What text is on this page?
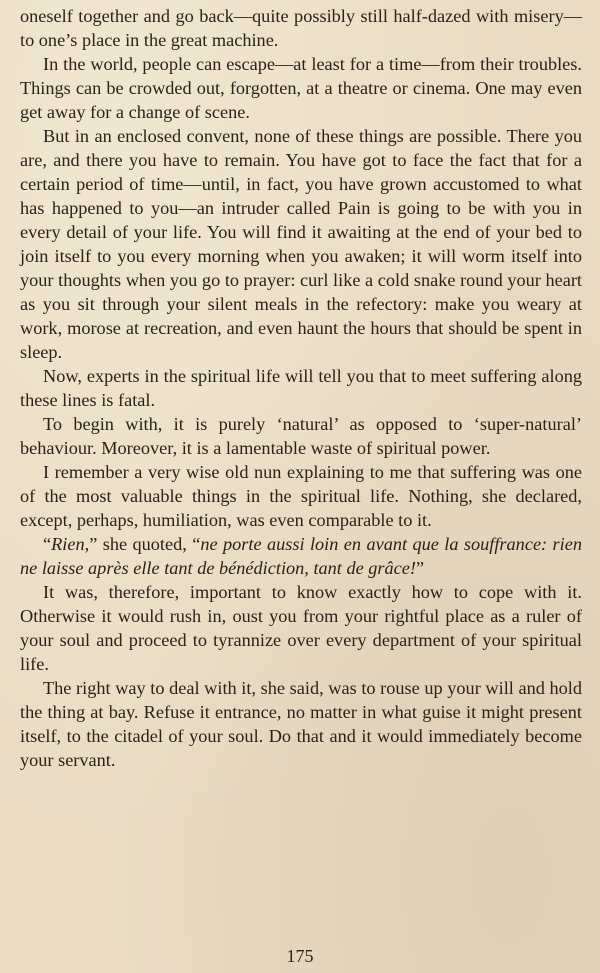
oneself together and go back—quite possibly still half-dazed with misery—to one’s place in the great machine.

In the world, people can escape—at least for a time—from their troubles. Things can be crowded out, forgotten, at a theatre or cinema. One may even get away for a change of scene.

But in an enclosed convent, none of these things are possible. There you are, and there you have to remain. You have got to face the fact that for a certain period of time—until, in fact, you have grown accustomed to what has happened to you—an intruder called Pain is going to be with you in every detail of your life. You will find it awaiting at the end of your bed to join itself to you every morning when you awaken; it will worm itself into your thoughts when you go to prayer: curl like a cold snake round your heart as you sit through your silent meals in the refectory: make you weary at work, morose at recreation, and even haunt the hours that should be spent in sleep.

Now, experts in the spiritual life will tell you that to meet suffering along these lines is fatal.

To begin with, it is purely ‘natural’ as opposed to ‘super-natural’ behaviour. Moreover, it is a lamentable waste of spiritual power.

I remember a very wise old nun explaining to me that suffering was one of the most valuable things in the spiritual life. Nothing, she declared, except, perhaps, humiliation, was even comparable to it.

“Rien,” she quoted, “ne porte aussi loin en avant que la souffrance: rien ne laisse après elle tant de bénédiction, tant de grâce!”

It was, therefore, important to know exactly how to cope with it. Otherwise it would rush in, oust you from your rightful place as a ruler of your soul and proceed to tyrannize over every department of your spiritual life.

The right way to deal with it, she said, was to rouse up your will and hold the thing at bay. Refuse it entrance, no matter in what guise it might present itself, to the citadel of your soul. Do that and it would immediately become your servant.

175
